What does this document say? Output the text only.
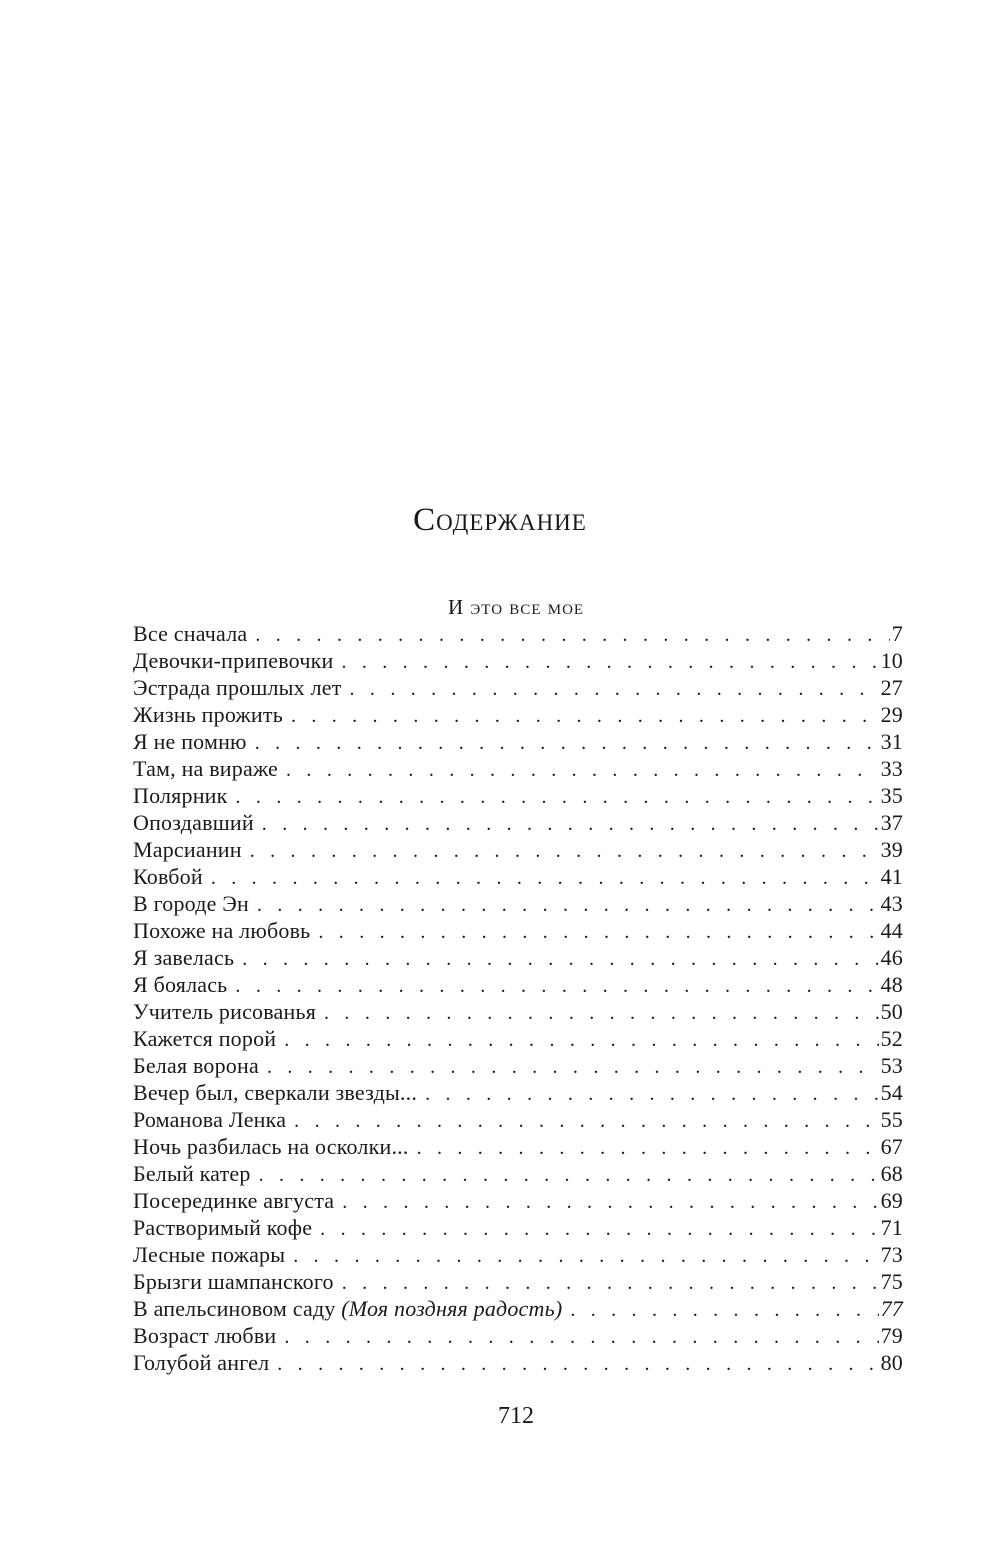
Содержание
И это все мое
Все сначала . . .	7
Девочки-припевочки . . .	10
Эстрада прошлых лет . . .	27
Жизнь прожить . . .	29
Я не помню . . .	31
Там, на вираже . . .	33
Полярник . . .	35
Опоздавший . . .	37
Марсианин . . .	39
Ковбой . . .	41
В городе Эн . . .	43
Похоже на любовь . . .	44
Я завелась . . .	46
Я боялась . . .	48
Учитель рисованья . . .	50
Кажется порой . . .	52
Белая ворона . . .	53
Вечер был, сверкали звезды... . . .	54
Романова Ленка . . .	55
Ночь разбилась на осколки... . . .	67
Белый катер . . .	68
Посерединке августа . . .	69
Растворимый кофе . . .	71
Лесные пожары . . .	73
Брызги шампанского . . .	75
В апельсиновом саду (Моя поздняя радость) . . .	77
Возраст любви . . .	79
Голубой ангел . . .	80
712
